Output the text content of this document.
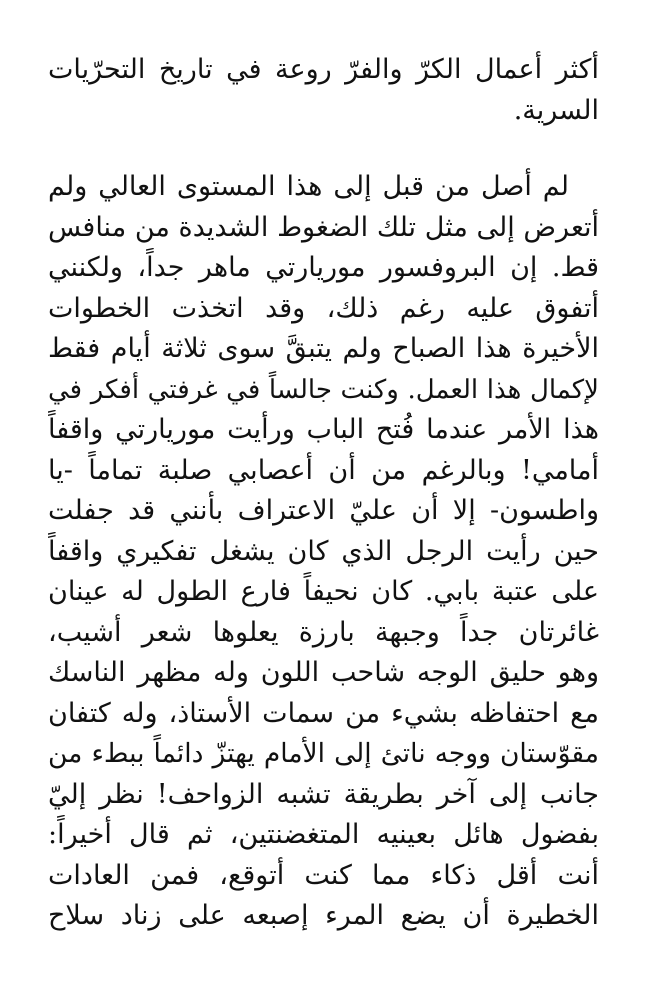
أكثر أعمال الكرّ والفرّ روعة في تاريخ التحرّيات
السرية.
لم أصل من قبل إلى هذا المستوى العالي ولم
أتعرض إلى مثل تلك الضغوط الشديدة من منافس
قط. إن البروفسور موريارتي ماهر جداً، ولكنني
أتفوق عليه رغم ذلك، وقد اتخذت الخطوات
الأخيرة هذا الصباح ولم يتبقَّ سوى ثلاثة أيام فقط
لإكمال هذا العمل. وكنت جالساً في غرفتي أفكر في
هذا الأمر عندما فُتح الباب ورأيت موريارتي واقفاً
أمامي! وبالرغم من أن أعصابي صلبة تماماً -يا
واطسون- إلا أن عليّ الاعتراف بأنني قد جفلت
حين رأيت الرجل الذي كان يشغل تفكيري واقفاً
على عتبة بابي. كان نحيفاً فارع الطول له عينان
غائرتان جداً وجبهة بارزة يعلوها شعر أشيب،
وهو حليق الوجه شاحب اللون وله مظهر الناسك
مع احتفاظه بشيء من سمات الأستاذ، وله كتفان
مقوّستان ووجه ناتئ إلى الأمام يهتزّ دائماً ببطء من
جانب إلى آخر بطريقة تشبه الزواحف! نظر إليّ
بفضول هائل بعينيه المتغضنتين، ثم قال أخيراً:
أنت أقل ذكاء مما كنت أتوقع، فمن العادات
الخطيرة أن يضع المرء إصبعه على زناد سلاح
